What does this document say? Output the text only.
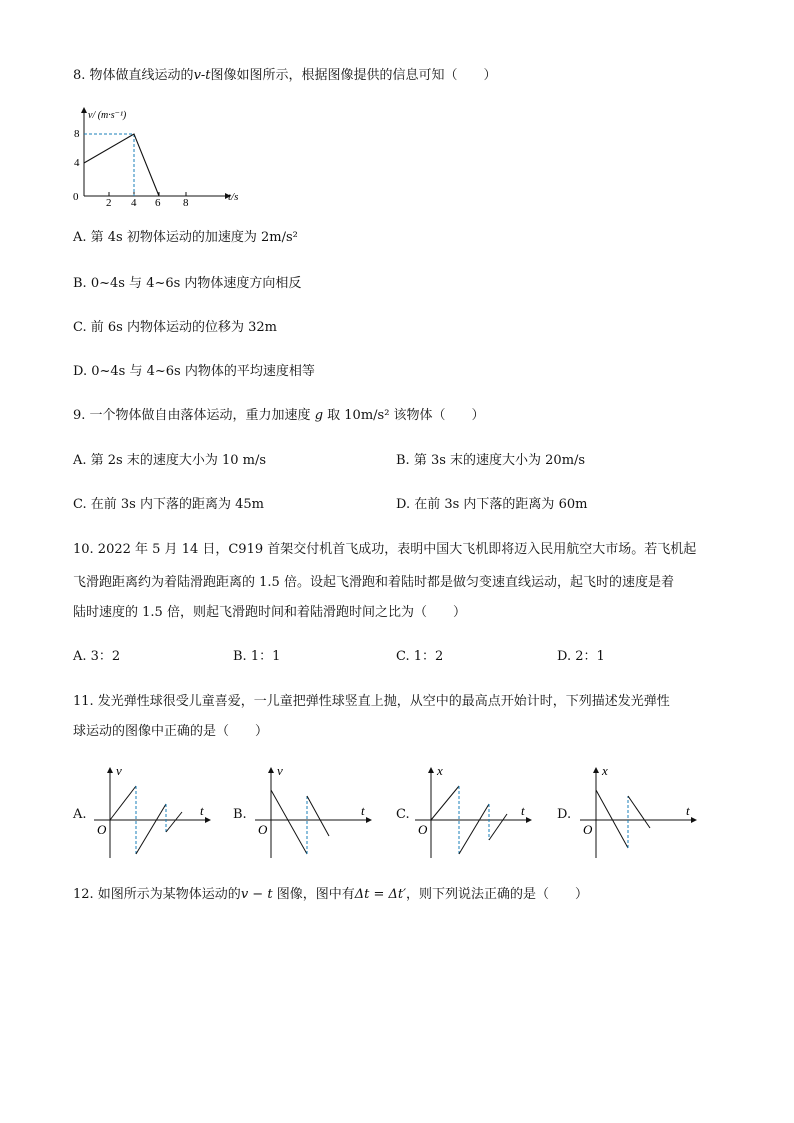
8. 物体做直线运动的v-t图像如图所示，根据图像提供的信息可知（　　）
v/ (m·s⁻¹)
t/s
0
4
8
2 4 6 8
A. 第 4s 初物体运动的加速度为 2m/s²
B. 0~4s 与 4~6s 内物体速度方向相反
C. 前 6s 内物体运动的位移为 32m
D. 0~4s 与 4~6s 内物体的平均速度相等
9. 一个物体做自由落体运动，重力加速度 g 取 10m/s² 该物体（　　）
A. 第 2s 末的速度大小为 10 m/s	B. 第 3s 末的速度大小为 20m/s
C. 在前 3s 内下落的距离为 45m	D. 在前 3s 内下落的距离为 60m
10. 2022 年 5 月 14 日，C919 首架交付机首飞成功，表明中国大飞机即将迈入民用航空大市场。若飞机起
飞滑跑距离约为着陆滑跑距离的 1.5 倍。设起飞滑跑和着陆时都是做匀变速直线运动，起飞时的速度是着
陆时速度的 1.5 倍，则起飞滑跑时间和着陆滑跑时间之比为（　　）
A. 3：2	B. 1：1	C. 1：2	D. 2：1
11. 发光弹性球很受儿童喜爱，一儿童把弹性球竖直上抛，从空中的最高点开始计时，下列描述发光弹性
球运动的图像中正确的是（　　）
A.
v
t
O
B.
v
t
O
C.
x
t
O
D.
x
t
O
12. 如图所示为某物体运动的v − t 图像，图中有Δt = Δt′，则下列说法正确的是（　　）
